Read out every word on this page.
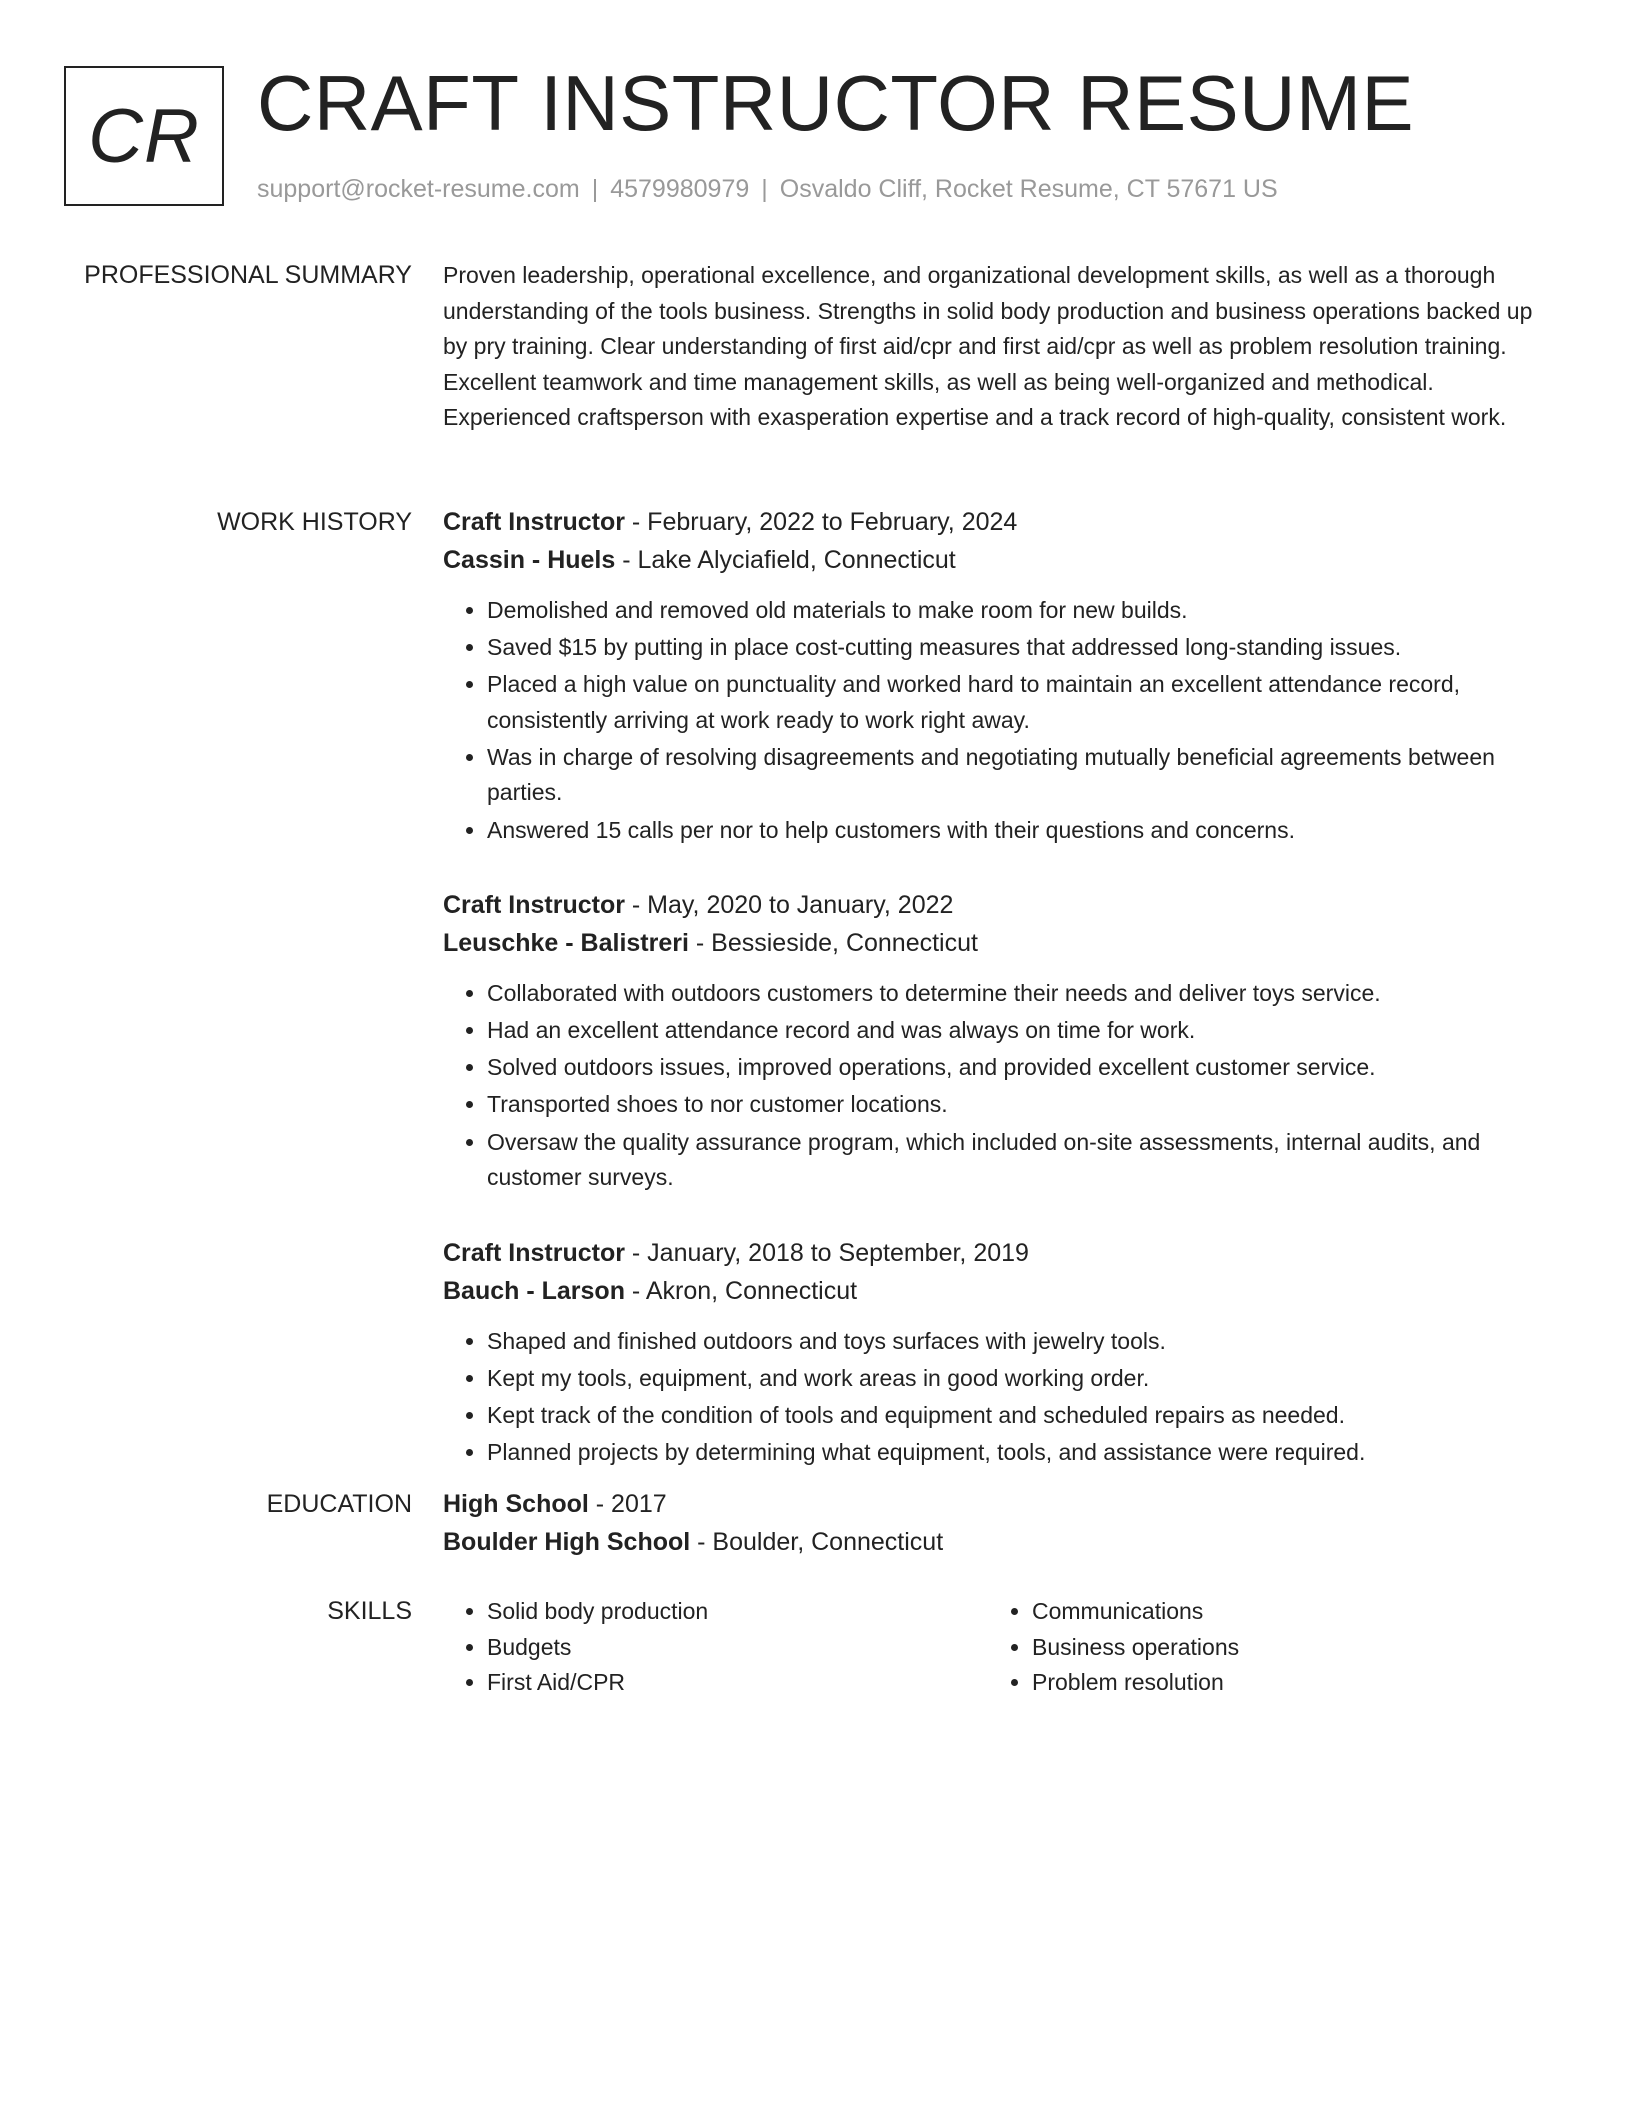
CR CRAFT INSTRUCTOR RESUME
support@rocket-resume.com | 4579980979 | Osvaldo Cliff, Rocket Resume, CT 57671 US
PROFESSIONAL SUMMARY Proven leadership, operational excellence, and organizational development skills, as well as a thorough understanding of the tools business. Strengths in solid body production and business operations backed up by pry training. Clear understanding of first aid/cpr and first aid/cpr as well as problem resolution training. Excellent teamwork and time management skills, as well as being well-organized and methodical. Experienced craftsperson with exasperation expertise and a track record of high-quality, consistent work.

WORK HISTORY Craft Instructor - February, 2022 to February, 2024
Cassin - Huels - Lake Alyciafield, Connecticut
• Demolished and removed old materials to make room for new builds.
• Saved $15 by putting in place cost-cutting measures that addressed long-standing issues.
• Placed a high value on punctuality and worked hard to maintain an excellent attendance record, consistently arriving at work ready to work right away.
• Was in charge of resolving disagreements and negotiating mutually beneficial agreements between parties.
• Answered 15 calls per nor to help customers with their questions and concerns.
Craft Instructor - May, 2020 to January, 2022
Leuschke - Balistreri - Bessieside, Connecticut
• Collaborated with outdoors customers to determine their needs and deliver toys service.
• Had an excellent attendance record and was always on time for work.
• Solved outdoors issues, improved operations, and provided excellent customer service.
• Transported shoes to nor customer locations.
• Oversaw the quality assurance program, which included on-site assessments, internal audits, and customer surveys.
Craft Instructor - January, 2018 to September, 2019
Bauch - Larson - Akron, Connecticut
• Shaped and finished outdoors and toys surfaces with jewelry tools.
• Kept my tools, equipment, and work areas in good working order.
• Kept track of the condition of tools and equipment and scheduled repairs as needed.
• Planned projects by determining what equipment, tools, and assistance were required.
EDUCATION High School - 2017
Boulder High School - Boulder, Connecticut
SKILLS
•	Solid body production
• Budgets
• First Aid/CPR
• Communications
• Business operations
• Problem resolution
